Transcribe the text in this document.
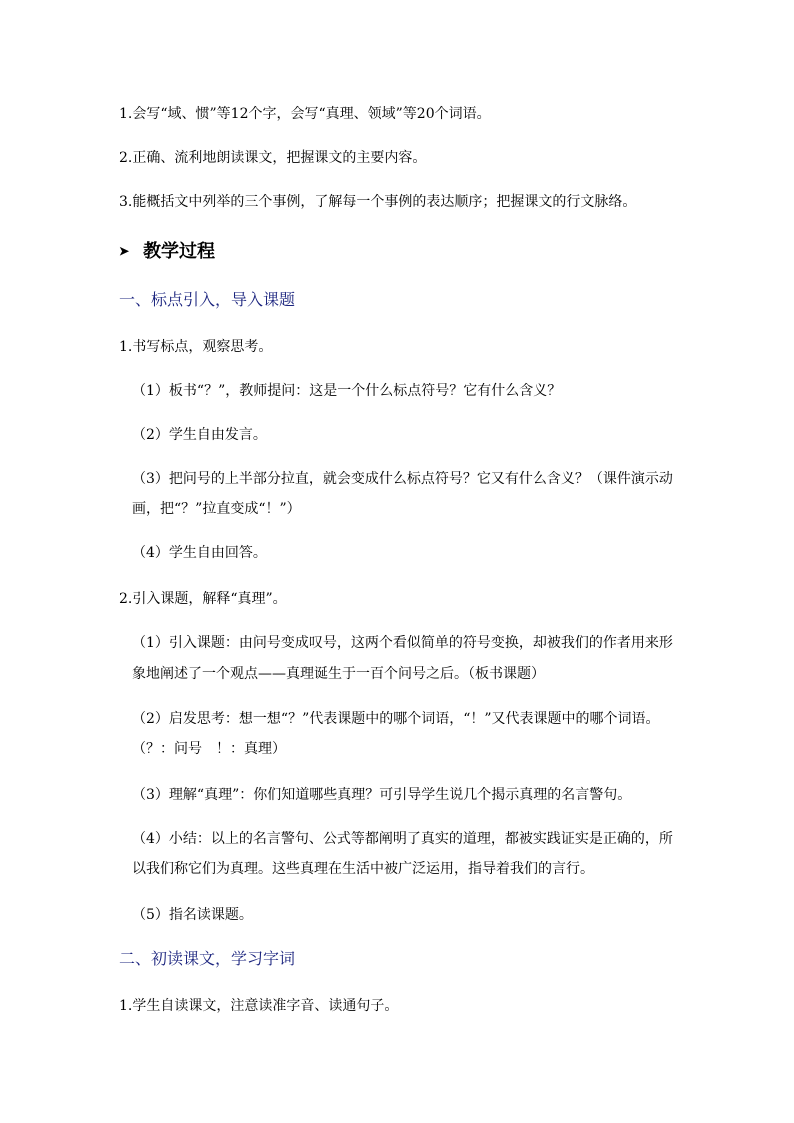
1.会写“域、惯”等12个字，会写“真理、领域”等20个词语。
2.正确、流利地朗读课文，把握课文的主要内容。
3.能概括文中列举的三个事例，了解每一个事例的表达顺序；把握课文的行文脉络。
➤ 教学过程
一、标点引入，导入课题
1.书写标点，观察思考。
（1）板书“？”，教师提问：这是一个什么标点符号？它有什么含义？
（2）学生自由发言。
（3）把问号的上半部分拉直，就会变成什么标点符号？它又有什么含义？（课件演示动
画，把“？”拉直变成“！”）
（4）学生自由回答。
2.引入课题，解释“真理”。
（1）引入课题：由问号变成叹号，这两个看似简单的符号变换，却被我们的作者用来形
象地阐述了一个观点——真理诞生于一百个问号之后。（板书课题）
（2）启发思考：想一想“？”代表课题中的哪个词语，“！”又代表课题中的哪个词语。
（？：问号　！：真理）
（3）理解“真理”：你们知道哪些真理？可引导学生说几个揭示真理的名言警句。
（4）小结：以上的名言警句、公式等都阐明了真实的道理，都被实践证实是正确的，所
以我们称它们为真理。这些真理在生活中被广泛运用，指导着我们的言行。
（5）指名读课题。
二、初读课文，学习字词
1.学生自读课文，注意读准字音、读通句子。
